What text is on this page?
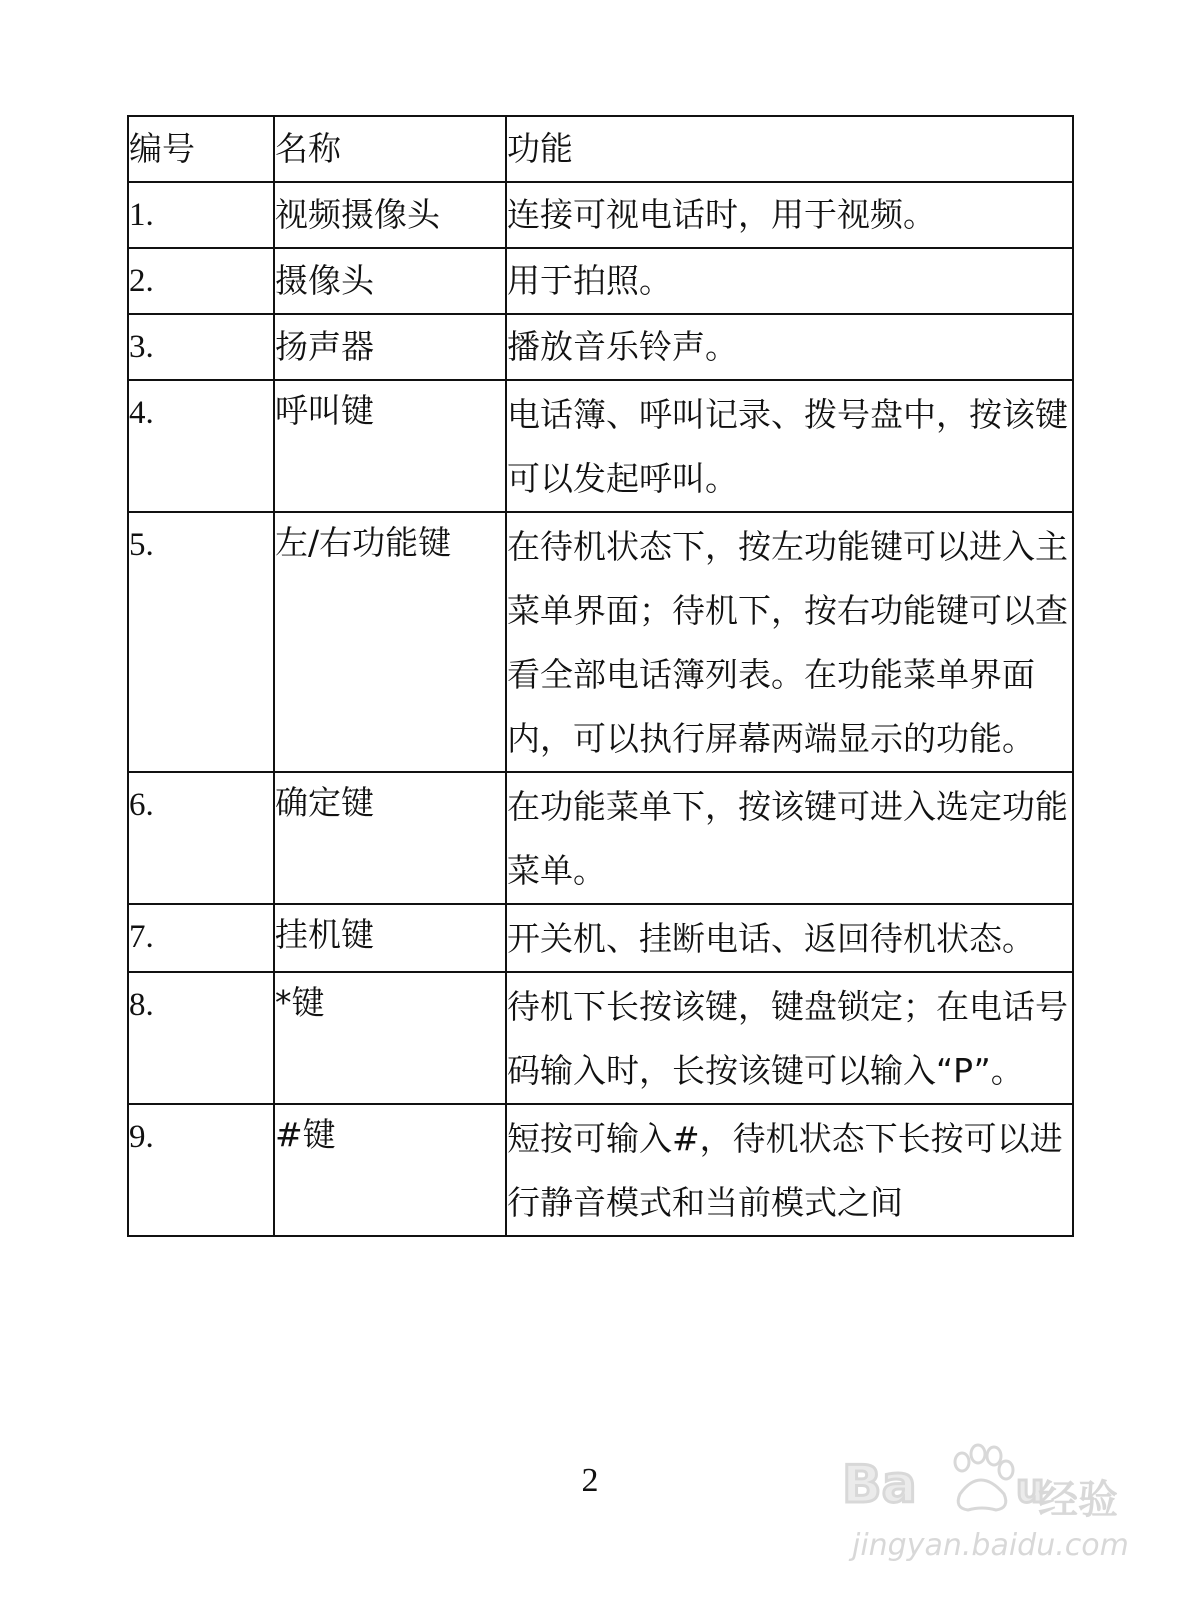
编号	名称	功能
1.	视频摄像头	连接可视电话时，用于视频。
2.	摄像头	用于拍照。
3.	扬声器	播放音乐铃声。
4.	呼叫键	电话簿、呼叫记录、拨号盘中，按该键可以发起呼叫。
5.	左/右功能键	在待机状态下，按左功能键可以进入主菜单界面；待机下，按右功能键可以查看全部电话簿列表。在功能菜单界面内，可以执行屏幕两端显示的功能。
6.	确定键	在功能菜单下，按该键可进入选定功能菜单。
7.	挂机键	开关机、挂断电话、返回待机状态。
8.	*键	待机下长按该键，键盘锁定；在电话号码输入时，长按该键可以输入“P”。
9.	#键	短按可输入#，待机状态下长按可以进行静音模式和当前模式之间
2	Ba u
经验
jingyan.baidu.com
